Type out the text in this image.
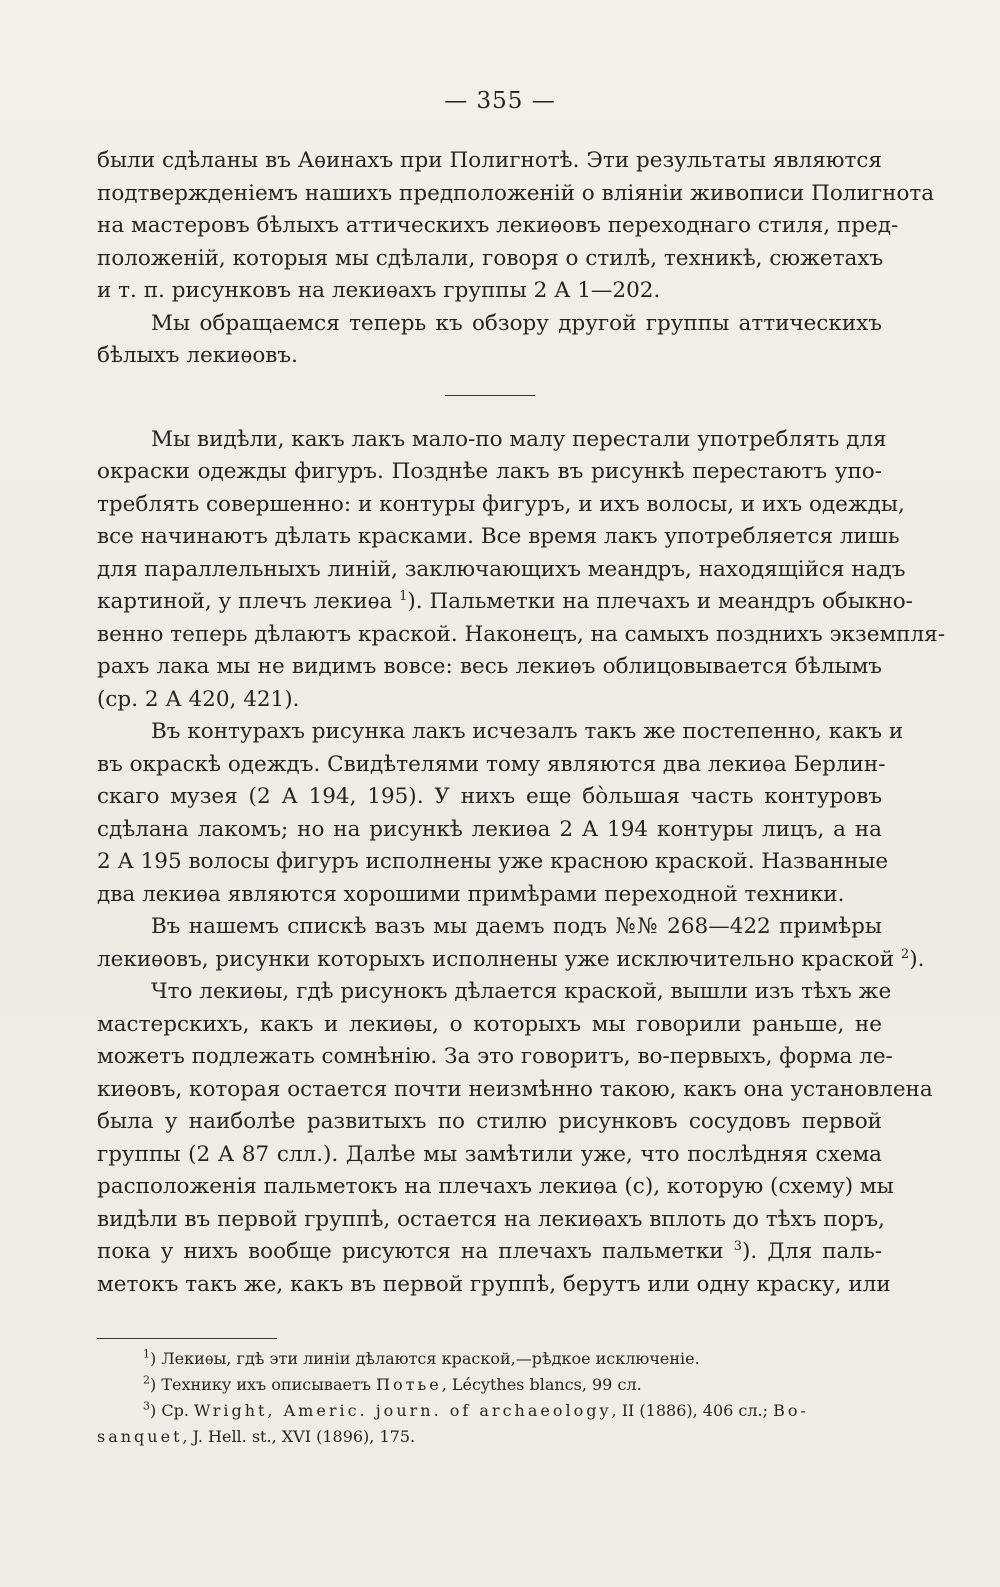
— 355 —

были сдѣланы въ Аѳинахъ при Полигнотѣ. Эти результаты являются
подтвержденіемъ нашихъ предположеній о вліяніи живописи Полигнота
на мастеровъ бѣлыхъ аттическихъ лекиѳовъ переходнаго стиля, пред-
положеній, которыя мы сдѣлали, говоря о стилѣ, техникѣ, сюжетахъ
и т. п. рисунковъ на лекиѳахъ группы 2 А 1—202.

Мы обращаемся теперь къ обзору другой группы аттическихъ
бѣлыхъ лекиѳовъ.

Мы видѣли, какъ лакъ мало-по малу перестали употреблять для
окраски одежды фигуръ. Позднѣе лакъ въ рисункѣ перестаютъ упо-
треблять совершенно: и контуры фигуръ, и ихъ волосы, и ихъ одежды,
все начинаютъ дѣлать красками. Все время лакъ употребляется лишь
для параллельныхъ линій, заключающихъ меандръ, находящійся надъ
картиной, у плечъ лекиѳа $^1$). Пальметки на плечахъ и меандръ обыкно-
венно теперь дѣлаютъ краской. Наконецъ, на самыхъ позднихъ экземпля-
рахъ лака мы не видимъ вовсе: весь лекиѳъ облицовывается бѣлымъ
(ср. 2 А 420, 421).

Въ контурахъ рисунка лакъ исчезалъ такъ же постепенно, какъ и
въ окраскѣ одеждъ. Свидѣтелями тому являются два лекиѳа Берлин-
скаго музея (2 А 194, 195). У нихъ еще бо̀льшая часть контуровъ
сдѣлана лакомъ; но на рисункѣ лекиѳа 2 А 194 контуры лицъ, а на
2 А 195 волосы фигуръ исполнены уже красною краской. Названные
два лекиѳа являются хорошими примѣрами переходной техники.

Въ нашемъ спискѣ вазъ мы даемъ подъ №№ 268—422 примѣры
лекиѳовъ, рисунки которыхъ исполнены уже исключительно краской $^2$).

Что лекиѳы, гдѣ рисунокъ дѣлается краской, вышли изъ тѣхъ же
мастерскихъ, какъ и лекиѳы, о которыхъ мы говорили раньше, не
можетъ подлежать сомнѣнію. За это говоритъ, во-первыхъ, форма ле-
киѳовъ, которая остается почти неизмѣнно такою, какъ она установлена
была у наиболѣе развитыхъ по стилю рисунковъ сосудовъ первой
группы (2 А 87 слл.). Далѣе мы замѣтили уже, что послѣдняя схема
расположенія пальметокъ на плечахъ лекиѳа (c), которую (схему) мы
видѣли въ первой группѣ, остается на лекиѳахъ вплоть до тѣхъ поръ,
пока у нихъ вообще рисуются на плечахъ пальметки $^3$). Для паль-
метокъ такъ же, какъ въ первой группѣ, берутъ или одну краску, или

$^1$) Лекиѳы, гдѣ эти линіи дѣлаются краской,—рѣдкое исключеніе.
$^2$) Технику ихъ описываетъ Потье, Lécythes blancs, 99 сл.
$^3$) Ср. Wright, Americ. journ. of archaeology, II (1886), 406 сл.; Bo-
sanquet, J. Hell. st., XVI (1896), 175.
